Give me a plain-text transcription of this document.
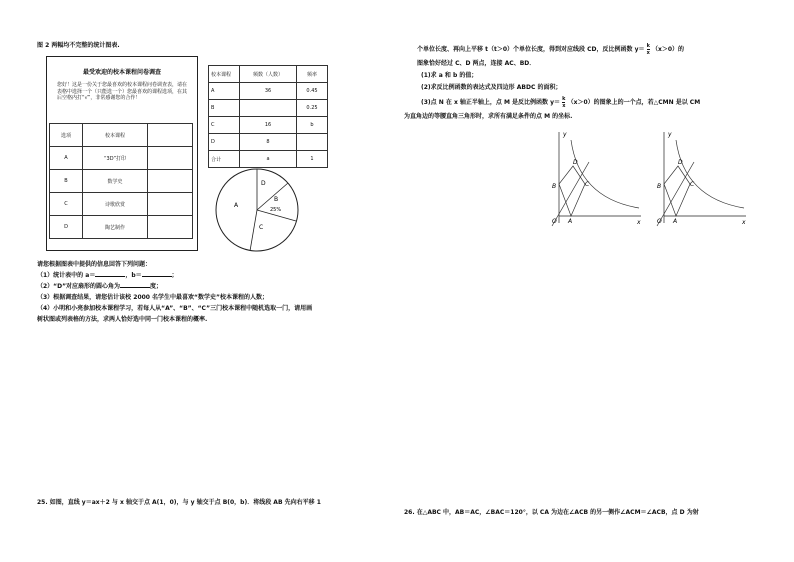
图 2 两幅均不完整的统计图表.
最受欢迎的校本课程问卷调查
您好！这是一份关于您最喜欢的校本课程问卷调查表，请在表格中选择一个（只能选一个）您最喜欢的课程选项，在其后空格内打“√”，非常感谢您的合作！
选项	校本课程	
A	“3D”打印	
B	数学史	
C	诗歌欣赏	
D	陶艺制作	
校本课程	频数（人数）	频率
A	36	0.45
B		0.25
C	16	b
D	8	
合计	a	1
A
B
25%
C
D
请您根据图表中提供的信息回答下列问题：
（1）统计表中的 a＝	，b＝	；
（2）“D”对应扇形的圆心角为	度；
（3）根据调查结果，请您估计该校 2000 名学生中最喜欢“数学史”校本课程的人数；
（4）小明和小亮参加校本课程学习，若每人从“A”、“B”、“C”三门校本课程中随机选取一门，请用画
树状图或列表格的方法，求两人恰好选中同一门校本课程的概率.
25. 如图，直线 y＝ax＋2 与 x 轴交于点 A(1，0)，与 y 轴交于点 B(0，b)．将线段 AB 先向右平移 1
个单位长度、再向上平移 t（t＞0）个单位长度，得到对应线段 CD，反比例函数 $y= \frac{k}{x} (x>0)$的
图象恰好经过 C、D 两点，连接 AC、BD．
(1)求 a 和 b 的值；
(2)求反比例函数的表达式及四边形 ABDC 的面积；
(3)点 N 在 x 轴正半轴上，点 M 是反比例函数 $y= \frac{k}{x} (x>0)$的图象上的一个点，若△CMN 是以 CM
为直角边的等腰直角三角形时，求所有满足条件的点 M 的坐标.
y
x
O A
B	C
D
y
x
O A
B	C
D
26. 在△ABC 中，AB＝AC，∠BAC＝120°，以 CA 为边在∠ACB 的另一侧作∠ACM＝∠ACB，点 D 为射
